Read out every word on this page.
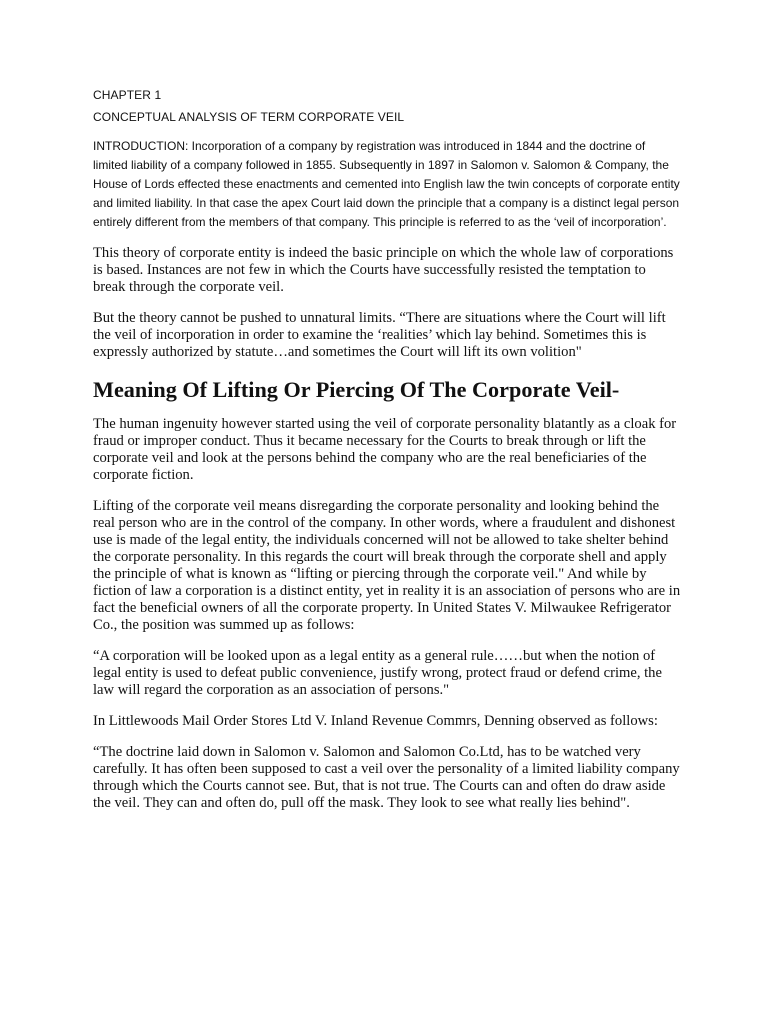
CHAPTER 1

CONCEPTUAL ANALYSIS OF TERM CORPORATE VEIL

INTRODUCTION: Incorporation of a company by registration was introduced in 1844 and the doctrine of limited liability of a company followed in 1855. Subsequently in 1897 in Salomon v. Salomon & Company, the House of Lords effected these enactments and cemented into English law the twin concepts of corporate entity and limited liability. In that case the apex Court laid down the principle that a company is a distinct legal person entirely different from the members of that company. This principle is referred to as the ‘veil of incorporation’.

This theory of corporate entity is indeed the basic principle on which the whole law of corporations is based. Instances are not few in which the Courts have successfully resisted the temptation to break through the corporate veil.

But the theory cannot be pushed to unnatural limits. “There are situations where the Court will lift the veil of incorporation in order to examine the ‘realities’ which lay behind. Sometimes this is expressly authorized by statute…and sometimes the Court will lift its own volition"

Meaning Of Lifting Or Piercing Of The Corporate Veil-

The human ingenuity however started using the veil of corporate personality blatantly as a cloak for fraud or improper conduct. Thus it became necessary for the Courts to break through or lift the corporate veil and look at the persons behind the company who are the real beneficiaries of the corporate fiction.

Lifting of the corporate veil means disregarding the corporate personality and looking behind the real person who are in the control of the company. In other words, where a fraudulent and dishonest use is made of the legal entity, the individuals concerned will not be allowed to take shelter behind the corporate personality. In this regards the court will break through the corporate shell and apply the principle of what is known as “lifting or piercing through the corporate veil." And while by fiction of law a corporation is a distinct entity, yet in reality it is an association of persons who are in fact the beneficial owners of all the corporate property. In United States V. Milwaukee Refrigerator Co., the position was summed up as follows:

“A corporation will be looked upon as a legal entity as a general rule……but when the notion of legal entity is used to defeat public convenience, justify wrong, protect fraud or defend crime, the law will regard the corporation as an association of persons."

In Littlewoods Mail Order Stores Ltd V. Inland Revenue Commrs, Denning observed as follows:

“The doctrine laid down in Salomon v. Salomon and Salomon Co.Ltd, has to be watched very carefully. It has often been supposed to cast a veil over the personality of a limited liability company through which the Courts cannot see. But, that is not true. The Courts can and often do draw aside the veil. They can and often do, pull off the mask. They look to see what really lies behind".
